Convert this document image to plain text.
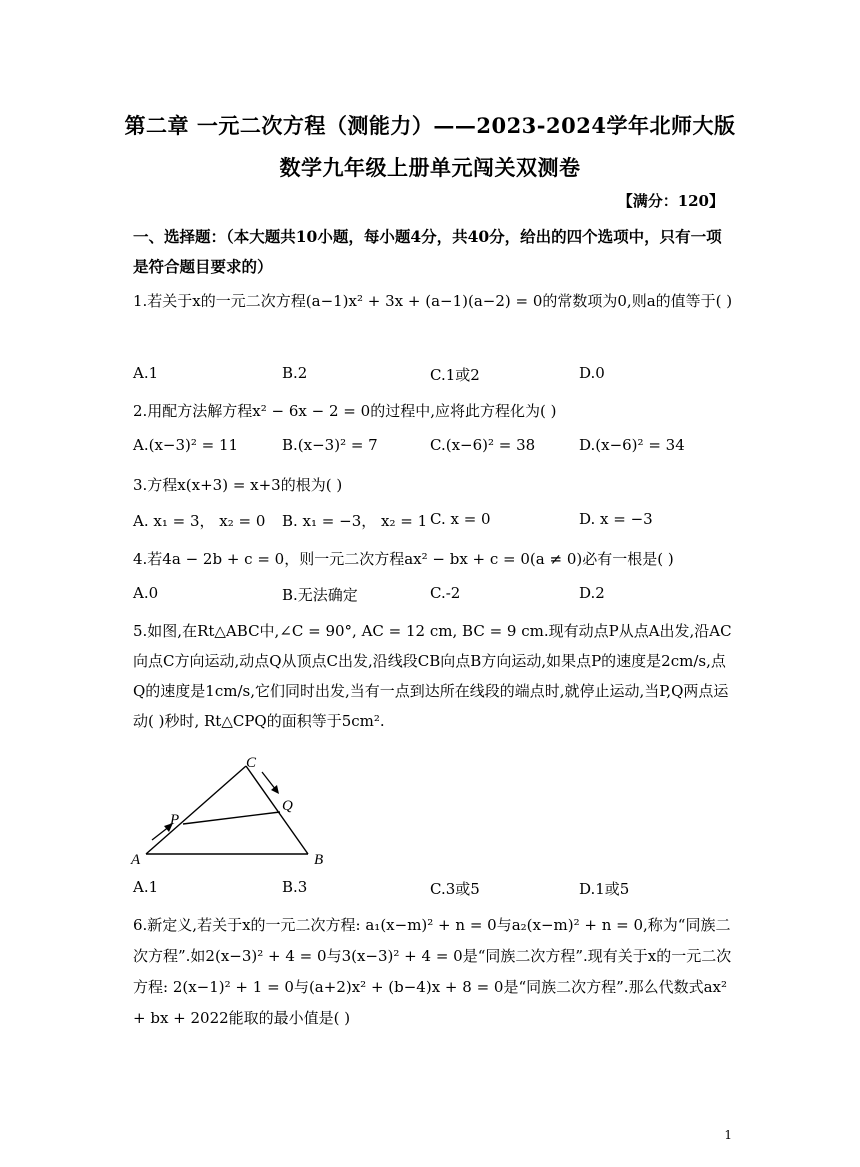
第二章 一元二次方程（测能力）——2023-2024学年北师大版
数学九年级上册单元闯关双测卷
【满分：120】
一、选择题：（本大题共10小题，每小题4分，共40分，给出的四个选项中，只有一项是符合题目要求的）
1.若关于x的一元二次方程(a−1)x² + 3x + (a−1)(a−2) = 0的常数项为0,则a的值等于( )
A.1	B.2	C.1或2	D.0
2.用配方法解方程x² − 6x − 2 = 0的过程中,应将此方程化为( )
A.(x−3)² = 11	B.(x−3)² = 7	C.(x−6)² = 38	D.(x−6)² = 34
3.方程x(x+3) = x+3的根为( )
A. x₁ = 3， x₂ = 0 B. x₁ = −3， x₂ = 1 C. x = 0	D. x = −3
4.若4a − 2b + c = 0，则一元二次方程ax² − bx + c = 0(a ≠ 0)必有一根是( )
A.0	B.无法确定	C.-2	D.2
5.如图,在Rt△ABC中,∠C = 90°, AC = 12 cm, BC = 9 cm.现有动点P从点A出发,沿AC向点C方向运动,动点Q从顶点C出发,沿线段CB向点B方向运动,如果点P的速度是2cm/s,点Q的速度是1cm/s,它们同时出发,当有一点到达所在线段的端点时,就停止运动,当P,Q两点运动( )秒时, Rt△CPQ的面积等于5cm².
A	B
C
P
Q
A.1	B.3	C.3或5	D.1或5
6.新定义,若关于x的一元二次方程: a₁(x−m)² + n = 0与a₂(x−m)² + n = 0,称为“同族二次方程”.如2(x−3)² + 4 = 0与3(x−3)² + 4 = 0是“同族二次方程”.现有关于x的一元二次方程: 2(x−1)² + 1 = 0与(a+2)x² + (b−4)x + 8 = 0是“同族二次方程”.那么代数式ax² + bx + 2022能取的最小值是( )
1
